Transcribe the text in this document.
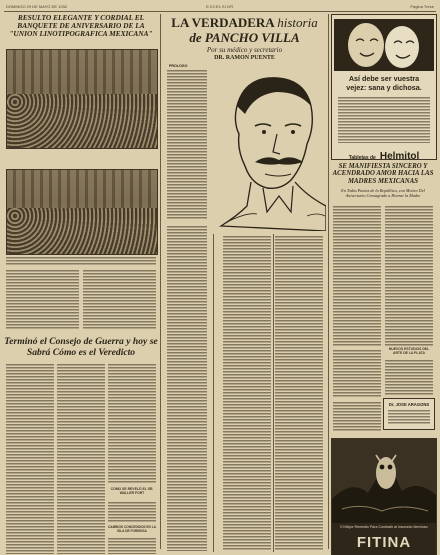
DOMINGO 29 DE MAYO DE 1932	EXCELSIOR	Pagina Trece
RESULTO ELEGANTE Y CORDIAL EL BANQUETE DE ANIVERSARIO DE LA "UNION LINOTIPOGRAFICA MEXICANA"
Terminó el Consejo de Guerra y hoy se Sabrá Cómo es el Veredicto
COMO SE REVELÓ EL SR. WALLER FORT
CAMBIOS CONCEDIDOS EN LA ISLA DE FORMOSA
LA VERDADERA historia
de PANCHO VILLA
Por su médico y secretario
DR. RAMON PUENTE
PROLOGO
Así debe ser vuestra
vejez: sana y dichosa.
Tabletas de Helmitol
SE MANIFIESTA SINCERO Y ACENDRADO AMOR HACIA LAS MADRES MEXICANAS
En Todos Puntos de la República, con Motivo Del Aniversario Consagrado a Honrar la Madre
NUEVOS ESTUDIOS DEL ARTE DE LA PLATA
Dr. JOSE ARAGONS
El Mejor Remedio Para Combatir al Insomnio Nervioso
FITINA
